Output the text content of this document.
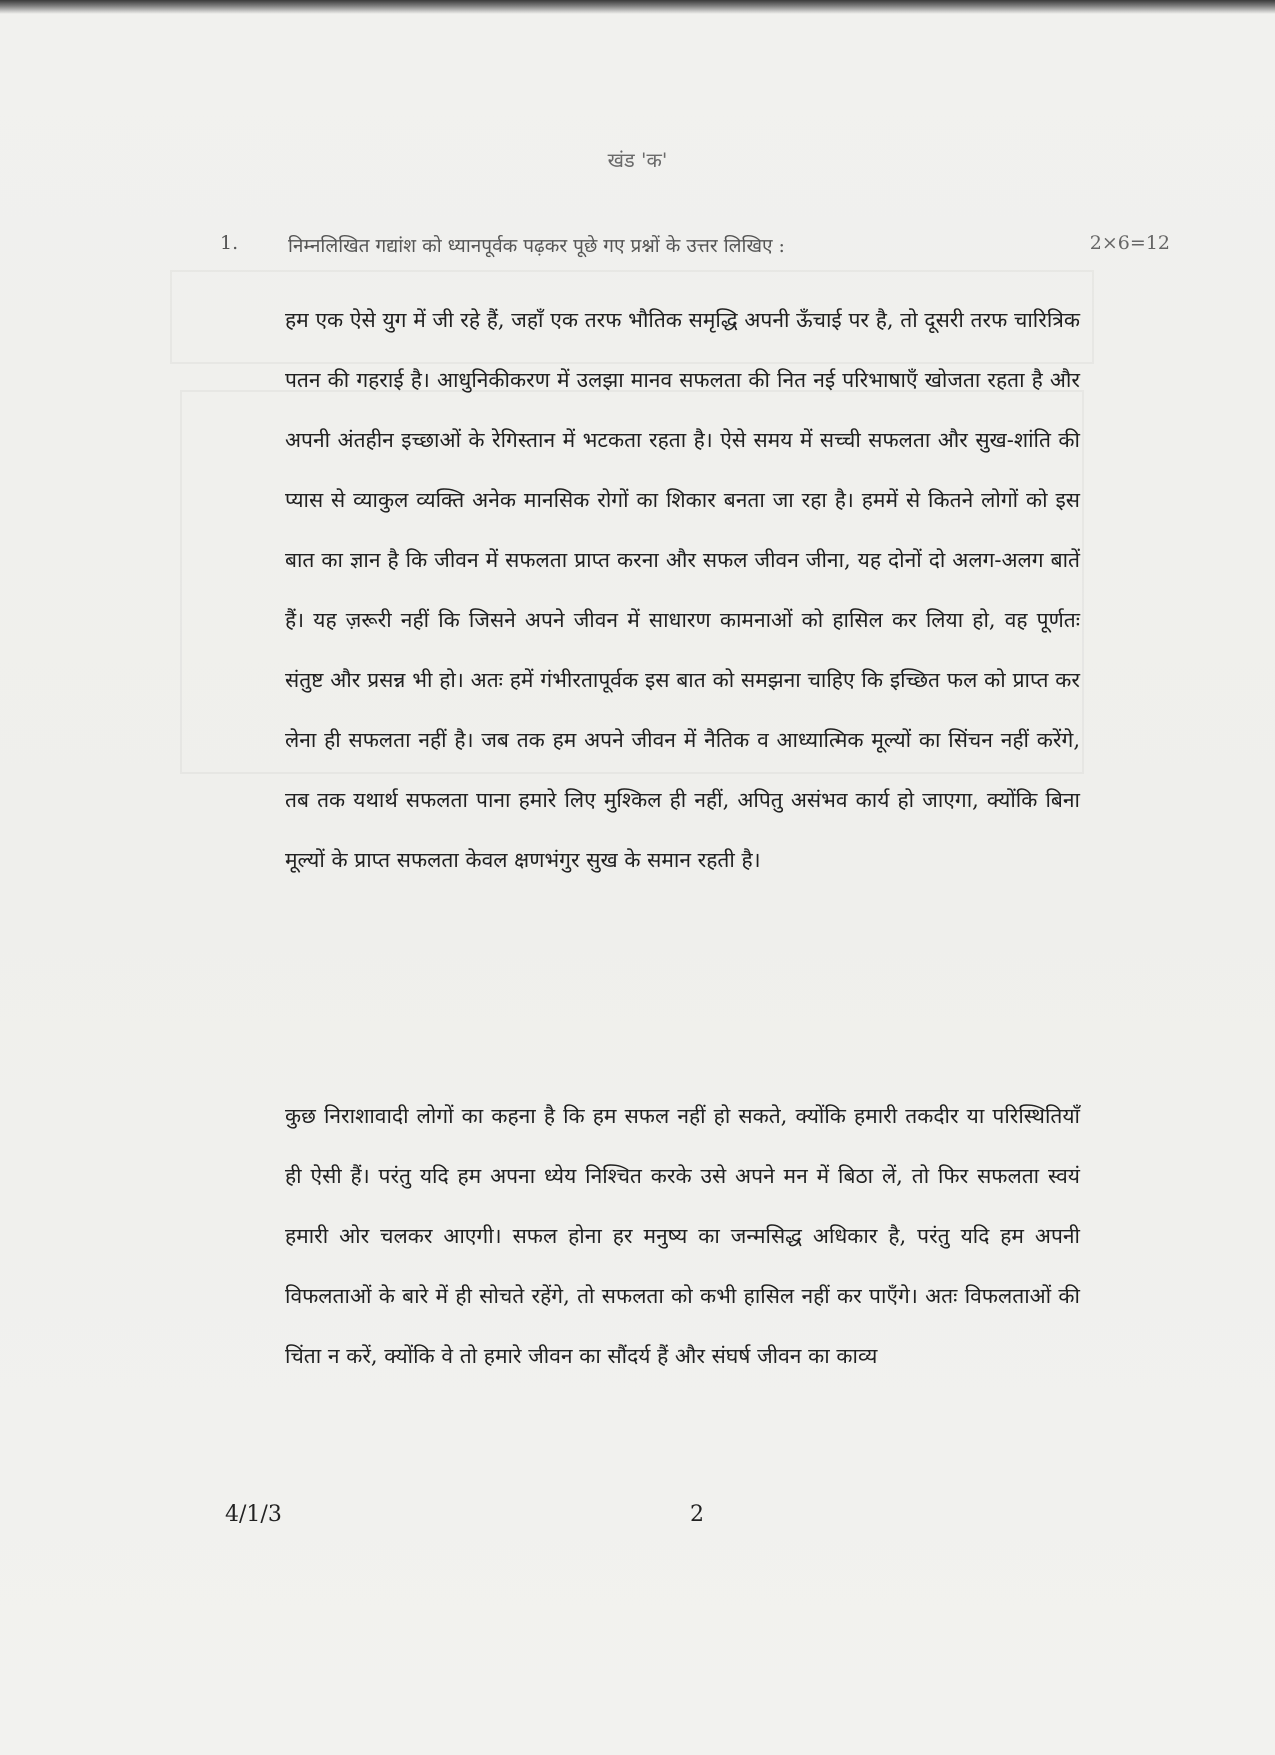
खंड 'क'
1.	निम्नलिखित गद्यांश को ध्यानपूर्वक पढ़कर पूछे गए प्रश्नों के उत्तर लिखिए :	2×6=12

हम एक ऐसे युग में जी रहे हैं, जहाँ एक तरफ भौतिक समृद्धि अपनी ऊँचाई पर है, तो दूसरी तरफ चारित्रिक पतन की गहराई है। आधुनिकीकरण में उलझा मानव सफलता की नित नई परिभाषाएँ खोजता रहता है और अपनी अंतहीन इच्छाओं के रेगिस्तान में भटकता रहता है। ऐसे समय में सच्ची सफलता और सुख-शांति की प्यास से व्याकुल व्यक्ति अनेक मानसिक रोगों का शिकार बनता जा रहा है। हममें से कितने लोगों को इस बात का ज्ञान है कि जीवन में सफलता प्राप्त करना और सफल जीवन जीना, यह दोनों दो अलग-अलग बातें हैं। यह ज़रूरी नहीं कि जिसने अपने जीवन में साधारण कामनाओं को हासिल कर लिया हो, वह पूर्णतः संतुष्ट और प्रसन्न भी हो। अतः हमें गंभीरतापूर्वक इस बात को समझना चाहिए कि इच्छित फल को प्राप्त कर लेना ही सफलता नहीं है। जब तक हम अपने जीवन में नैतिक व आध्यात्मिक मूल्यों का सिंचन नहीं करेंगे, तब तक यथार्थ सफलता पाना हमारे लिए मुश्किल ही नहीं, अपितु असंभव कार्य हो जाएगा, क्योंकि बिना मूल्यों के प्राप्त सफलता केवल क्षणभंगुर सुख के समान रहती है।

कुछ निराशावादी लोगों का कहना है कि हम सफल नहीं हो सकते, क्योंकि हमारी तकदीर या परिस्थितियाँ ही ऐसी हैं। परंतु यदि हम अपना ध्येय निश्चित करके उसे अपने मन में बिठा लें, तो फिर सफलता स्वयं हमारी ओर चलकर आएगी। सफल होना हर मनुष्य का जन्मसिद्ध अधिकार है, परंतु यदि हम अपनी विफलताओं के बारे में ही सोचते रहेंगे, तो सफलता को कभी हासिल नहीं कर पाएँगे। अतः विफलताओं की चिंता न करें, क्योंकि वे तो हमारे जीवन का सौंदर्य हैं और संघर्ष जीवन का काव्य

4/1/3	2
